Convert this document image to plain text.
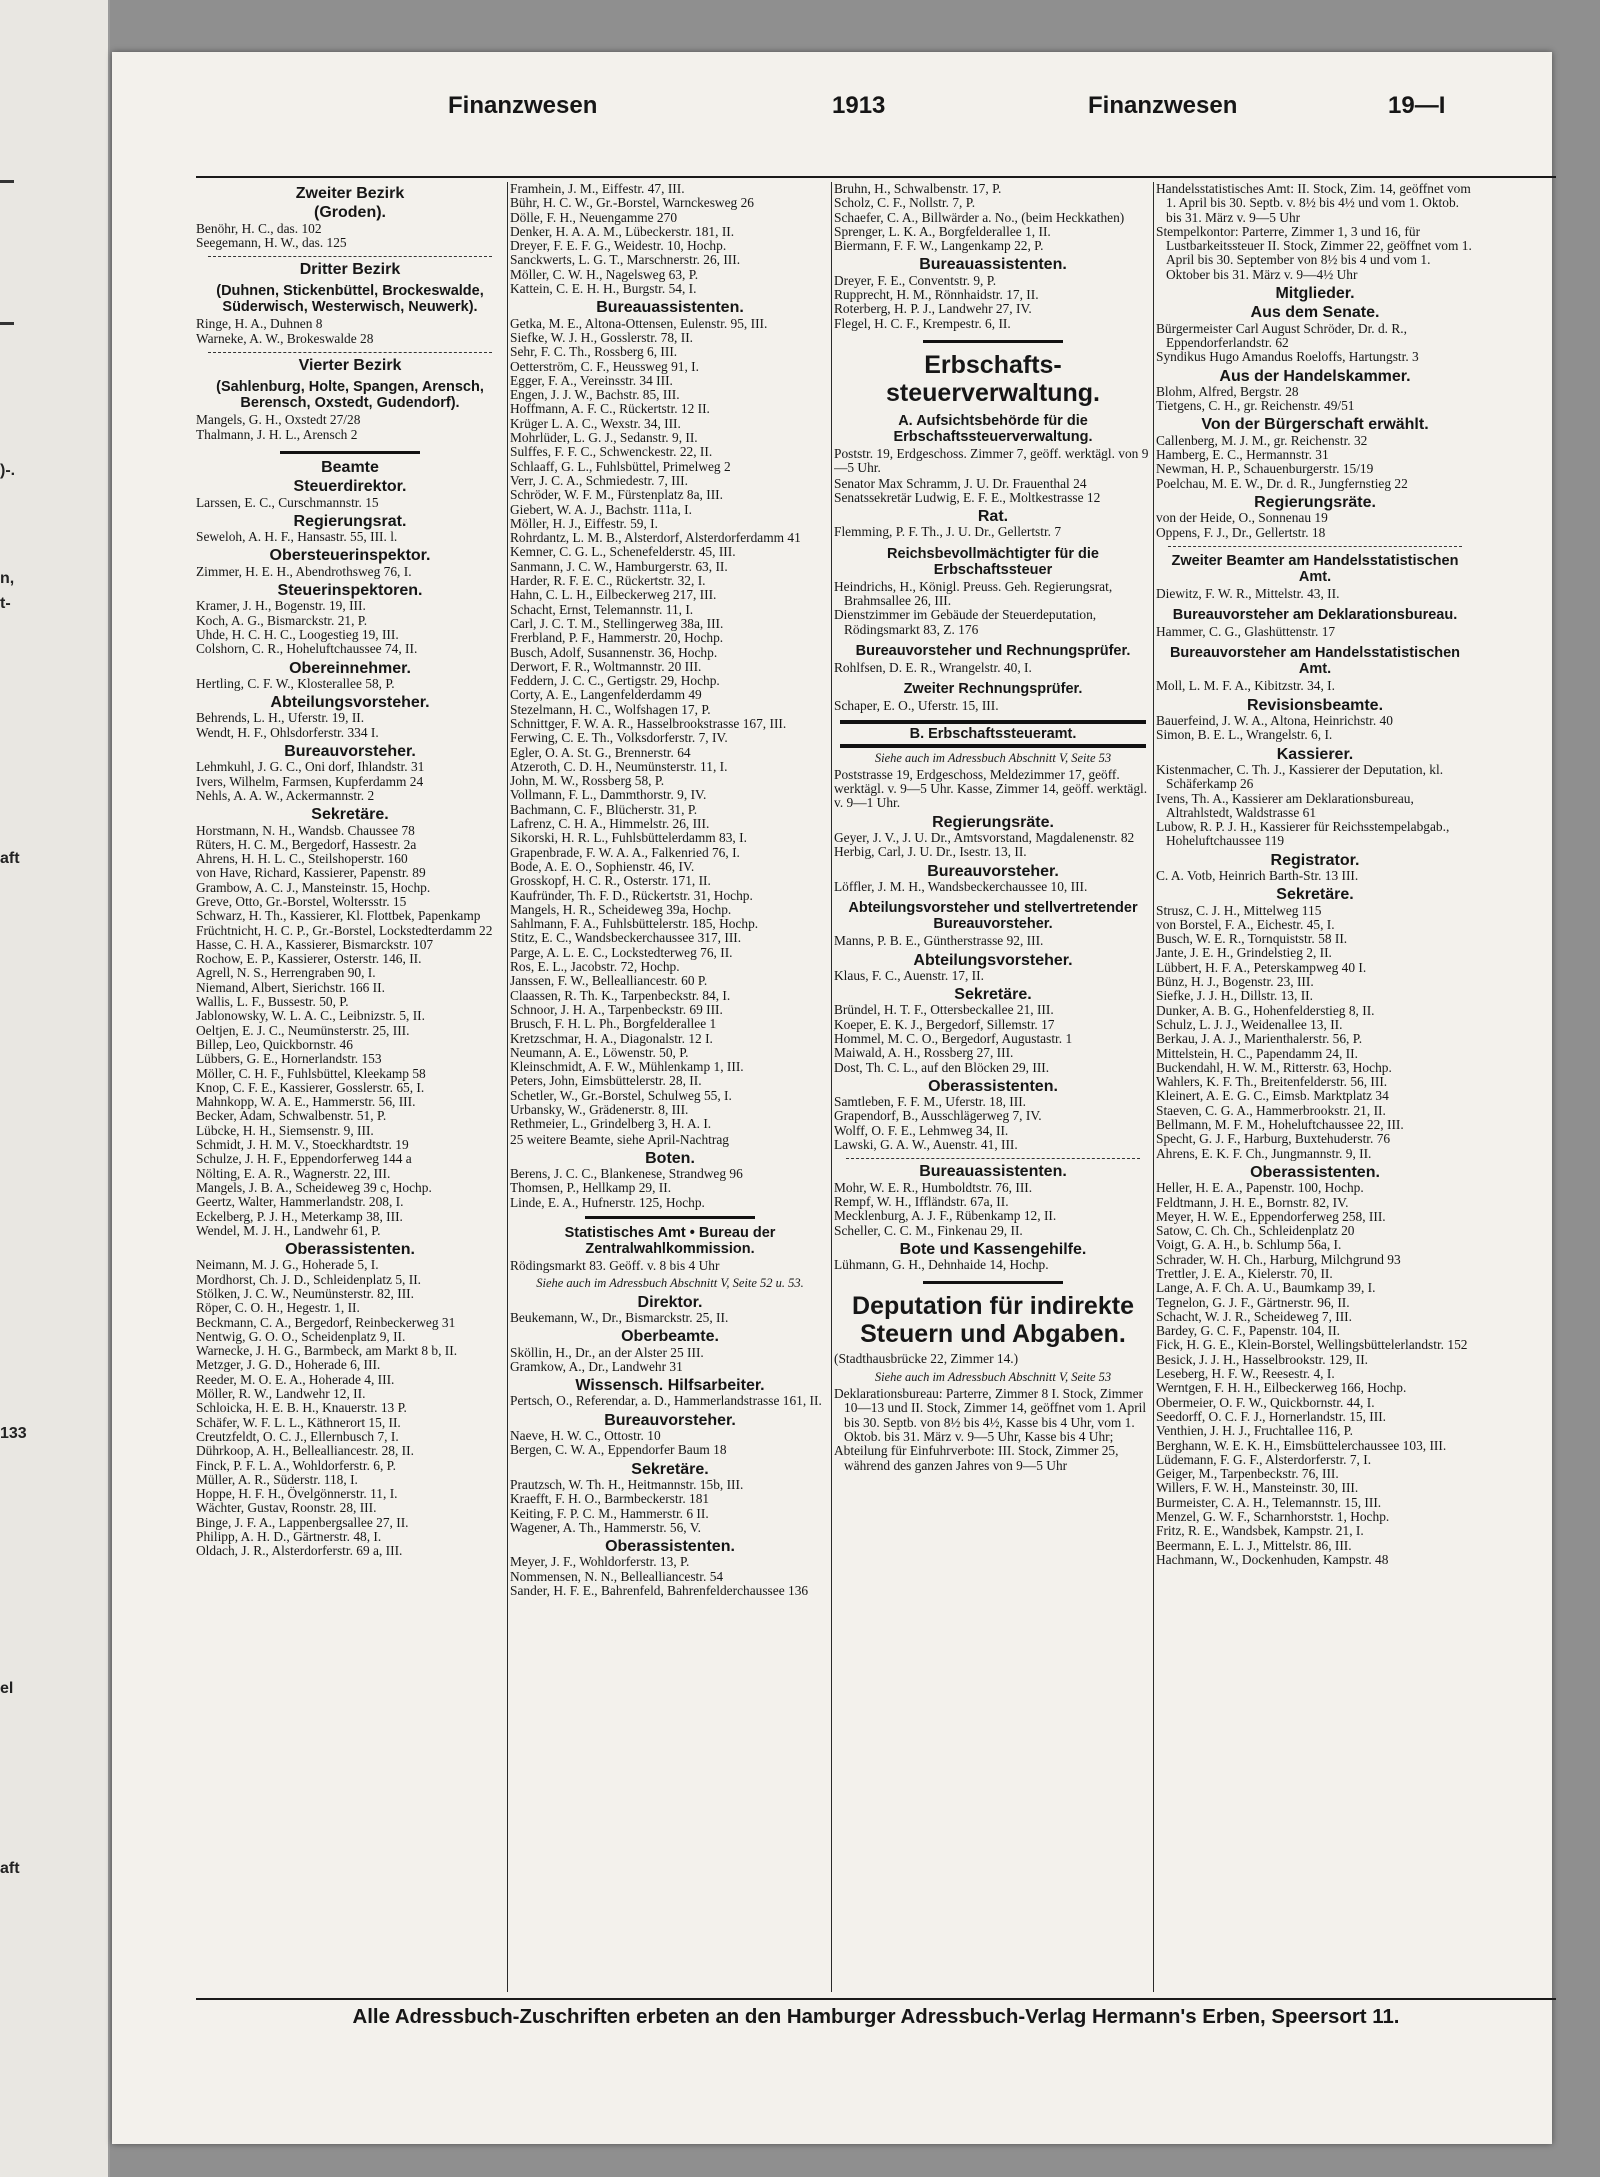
)-.
n,
t-
aft
133
el
aft
Finanzwesen	1913	Finanzwesen	19—I
Zweiter Bezirk
(Groden).
Benöhr, H. C., das. 102
Seegemann, H. W., das. 125
Dritter Bezirk
(Duhnen, Stickenbüttel, Brockeswalde, Süderwisch, Westerwisch, Neuwerk).
Ringe, H. A., Duhnen 8
Warneke, A. W., Brokeswalde 28
Vierter Bezirk
(Sahlenburg, Holte, Spangen, Arensch, Berensch, Oxstedt, Gudendorf).
Mangels, G. H., Oxstedt 27/28
Thalmann, J. H. L., Arensch 2
Beamte
Steuerdirektor.
Larssen, E. C., Curschmannstr. 15
Regierungsrat.
Seweloh, A. H. F., Hansastr. 55, III. l.
Obersteuerinspektor.
Zimmer, H. E. H., Abendrothsweg 76, I.
Steuerinspektoren.
Kramer, J. H., Bogenstr. 19, III.
Koch, A. G., Bismarckstr. 21, P.
Uhde, H. C. H. C., Loogestieg 19, III.
Colshorn, C. R., Hoheluftchaussee 74, II.
Obereinnehmer.
Hertling, C. F. W., Klosterallee 58, P.
Abteilungsvorsteher.
Behrends, L. H., Uferstr. 19, II.
Wendt, H. F., Ohlsdorferstr. 334 I.
Bureauvorsteher.
Lehmkuhl, J. G. C., Oni dorf, Ihlandstr. 31
Ivers, Wilhelm, Farmsen, Kupferdamm 24
Nehls, A. A. W., Ackermannstr. 2
Sekretäre.
Horstmann, N. H., Wandsb. Chaussee 78
Rüters, H. C. M., Bergedorf, Hassestr. 2a
Ahrens, H. H. L. C., Steilshoperstr. 160
von Have, Richard, Kassierer, Papenstr. 89
Grambow, A. C. J., Mansteinstr. 15, Hochp.
Greve, Otto, Gr.-Borstel, Woltersstr. 15
Schwarz, H. Th., Kassierer, Kl. Flottbek, Papenkamp
Früchtnicht, H. C. P., Gr.-Borstel, Lockstedterdamm 22
Hasse, C. H. A., Kassierer, Bismarckstr. 107
Rochow, E. P., Kassierer, Osterstr. 146, II.
Agrell, N. S., Herrengraben 90, I.
Niemand, Albert, Sierichstr. 166 II.
Wallis, L. F., Bussestr. 50, P.
Jablonowsky, W. L. A. C., Leibnizstr. 5, II.
Oeltjen, E. J. C., Neumünsterstr. 25, III.
Billep, Leo, Quickbornstr. 46
Lübbers, G. E., Hornerlandstr. 153
Möller, C. H. F., Fuhlsbüttel, Kleekamp 58
Knop, C. F. E., Kassierer, Gosslerstr. 65, I.
Mahnkopp, W. A. E., Hammerstr. 56, III.
Becker, Adam, Schwalbenstr. 51, P.
Lübcke, H. H., Siemsenstr. 9, III.
Schmidt, J. H. M. V., Stoeckhardtstr. 19
Schulze, J. H. F., Eppendorferweg 144 a
Nölting, E. A. R., Wagnerstr. 22, III.
Mangels, J. B. A., Scheideweg 39 c, Hochp.
Geertz, Walter, Hammerlandstr. 208, I.
Eckelberg, P. J. H., Meterkamp 38, III.
Wendel, M. J. H., Landwehr 61, P.
Oberassistenten.
Neimann, M. J. G., Hoherade 5, I.
Mordhorst, Ch. J. D., Schleidenplatz 5, II.
Stölken, J. C. W., Neumünsterstr. 82, III.
Röper, C. O. H., Hegestr. 1, II.
Beckmann, C. A., Bergedorf, Reinbeckerweg 31
Nentwig, G. O. O., Scheidenplatz 9, II.
Warnecke, J. H. G., Barmbeck, am Markt 8 b, II.
Metzger, J. G. D., Hoherade 6, III.
Reeder, M. O. E. A., Hoherade 4, III.
Möller, R. W., Landwehr 12, II.
Schloicka, H. E. B. H., Knauerstr. 13 P.
Schäfer, W. F. L. L., Käthnerort 15, II.
Creutzfeldt, O. C. J., Ellernbusch 7, I.
Dührkoop, A. H., Bellealliancestr. 28, II.
Finck, P. F. L. A., Wohldorferstr. 6, P.
Müller, A. R., Süderstr. 118, I.
Hoppe, H. F. H., Övelgönnerstr. 11, I.
Wächter, Gustav, Roonstr. 28, III.
Binge, J. F. A., Lappenbergsallee 27, II.
Philipp, A. H. D., Gärtnerstr. 48, I.
Oldach, J. R., Alsterdorferstr. 69 a, III.
Framhein, J. M., Eiffestr. 47, III.
Bühr, H. C. W., Gr.-Borstel, Warnckesweg 26
Dölle, F. H., Neuengamme 270
Denker, H. A. A. M., Lübeckerstr. 181, II.
Dreyer, F. E. F. G., Weidestr. 10, Hochp.
Sanckwerts, L. G. T., Marschnerstr. 26, III.
Möller, C. W. H., Nagelsweg 63, P.
Kattein, C. E. H. H., Burgstr. 54, I.
Bureauassistenten.
Getka, M. E., Altona-Ottensen, Eulenstr. 95, III.
Siefke, W. J. H., Gosslerstr. 78, II.
Sehr, F. C. Th., Rossberg 6, III.
Oetterström, C. F., Heussweg 91, I.
Egger, F. A., Vereinsstr. 34 III.
Engen, J. J. W., Bachstr. 85, III.
Hoffmann, A. F. C., Rückertstr. 12 II.
Krüger L. A. C., Wexstr. 34, III.
Mohrlüder, L. G. J., Sedanstr. 9, II.
Sulffes, F. F. C., Schwenckestr. 22, II.
Schlaaff, G. L., Fuhlsbüttel, Primelweg 2
Verr, J. C. A., Schmiedestr. 7, III.
Schröder, W. F. M., Fürstenplatz 8a, III.
Giebert, W. A. J., Bachstr. 111a, I.
Möller, H. J., Eiffestr. 59, I.
Rohrdantz, L. M. B., Alsterdorf, Alsterdorferdamm 41
Kemner, C. G. L., Schenefelderstr. 45, III.
Sanmann, J. C. W., Hamburgerstr. 63, II.
Harder, R. F. E. C., Rückertstr. 32, I.
Hahn, C. L. H., Eilbeckerweg 217, III.
Schacht, Ernst, Telemannstr. 11, I.
Carl, J. C. T. M., Stellingerweg 38a, III.
Frerbland, P. F., Hammerstr. 20, Hochp.
Busch, Adolf, Susannenstr. 36, Hochp.
Derwort, F. R., Woltmannstr. 20 III.
Feddern, J. C. C., Gertigstr. 29, Hochp.
Corty, A. E., Langenfelderdamm 49
Stezelmann, H. C., Wolfshagen 17, P.
Schnittger, F. W. A. R., Hasselbrookstrasse 167, III.
Ferwing, C. E. Th., Volksdorferstr. 7, IV.
Egler, O. A. St. G., Brennerstr. 64
Atzeroth, C. D. H., Neumünsterstr. 11, I.
John, M. W., Rossberg 58, P.
Vollmann, F. L., Dammthorstr. 9, IV.
Bachmann, C. F., Blücherstr. 31, P.
Lafrenz, C. H. A., Himmelstr. 26, III.
Sikorski, H. R. L., Fuhlsbüttelerdamm 83, I.
Grapenbrade, F. W. A. A., Falkenried 76, I.
Bode, A. E. O., Sophienstr. 46, IV.
Grosskopf, H. C. R., Osterstr. 171, II.
Kaufründer, Th. F. D., Rückertstr. 31, Hochp.
Mangels, H. R., Scheideweg 39a, Hochp.
Sahlmann, F. A., Fuhlsbüttelerstr. 185, Hochp.
Stitz, E. C., Wandsbeckerchaussee 317, III.
Parge, A. L. E. C., Lockstedterweg 76, II.
Ros, E. L., Jacobstr. 72, Hochp.
Janssen, F. W., Bellealliancestr. 60 P.
Claassen, R. Th. K., Tarpenbeckstr. 84, I.
Schnoor, J. H. A., Tarpenbeckstr. 69 III.
Brusch, F. H. L. Ph., Borgfelderallee 1
Kretzschmar, H. A., Diagonalstr. 12 I.
Neumann, A. E., Löwenstr. 50, P.
Kleinschmidt, A. F. W., Mühlenkamp 1, III.
Peters, John, Eimsbüttelerstr. 28, II.
Schetler, W., Gr.-Borstel, Schulweg 55, I.
Urbansky, W., Grädenerstr. 8, III.
Rethmeier, L., Grindelberg 3, H. A. I.
25 weitere Beamte, siehe April-Nachtrag
Boten.
Berens, J. C. C., Blankenese, Strandweg 96
Thomsen, P., Hellkamp 29, II.
Linde, E. A., Hufnerstr. 125, Hochp.
Statistisches Amt • Bureau der Zentralwahlkommission.
Rödingsmarkt 83. Geöff. v. 8 bis 4 Uhr
Siehe auch im Adressbuch Abschnitt V, Seite 52 u. 53.
Direktor.
Beukemann, W., Dr., Bismarckstr. 25, II.
Oberbeamte.
Sköllin, H., Dr., an der Alster 25 III.
Gramkow, A., Dr., Landwehr 31
Wissensch. Hilfsarbeiter.
Pertsch, O., Referendar, a. D., Hammerlandstrasse 161, II.
Bureauvorsteher.
Naeve, H. W. C., Ottostr. 10
Bergen, C. W. A., Eppendorfer Baum 18
Sekretäre.
Prautzsch, W. Th. H., Heitmannstr. 15b, III.
Kraefft, F. H. O., Barmbeckerstr. 181
Keiting, F. P. C. M., Hammerstr. 6 II.
Wagener, A. Th., Hammerstr. 56, V.
Oberassistenten.
Meyer, J. F., Wohldorferstr. 13, P.
Nommensen, N. N., Bellealliancestr. 54
Sander, H. F. E., Bahrenfeld, Bahrenfelderchaussee 136
Bruhn, H., Schwalbenstr. 17, P.
Scholz, C. F., Nollstr. 7, P.
Schaefer, C. A., Billwärder a. No., (beim Heckkathen)
Sprenger, L. K. A., Borgfelderallee 1, II.
Biermann, F. F. W., Langenkamp 22, P.
Bureauassistenten.
Dreyer, F. E., Conventstr. 9, P.
Rupprecht, H. M., Rönnhaidstr. 17, II.
Roterberg, H. P. J., Landwehr 27, IV.
Flegel, H. C. F., Krempestr. 6, II.
Erbschafts-steuerverwaltung.
A. Aufsichtsbehörde für die Erbschaftssteuerverwaltung.
Poststr. 19, Erdgeschoss. Zimmer 7, geöff. werktägl. von 9—5 Uhr.
Senator Max Schramm, J. U. Dr. Frauenthal 24
Senatssekretär Ludwig, E. F. E., Moltkestrasse 12
Rat.
Flemming, P. F. Th., J. U. Dr., Gellertstr. 7
Reichsbevollmächtigter für die Erbschaftssteuer
Heindrichs, H., Königl. Preuss. Geh. Regierungsrat, Brahmsallee 26, III.
Dienstzimmer im Gebäude der Steuerdeputation, Rödingsmarkt 83, Z. 176
Bureauvorsteher und Rechnungsprüfer.
Rohlfsen, D. E. R., Wrangelstr. 40, I.
Zweiter Rechnungsprüfer.
Schaper, E. O., Uferstr. 15, III.
B. Erbschaftssteueramt.
Siehe auch im Adressbuch Abschnitt V, Seite 53
Poststrasse 19, Erdgeschoss, Meldezimmer 17, geöff. werktägl. v. 9—5 Uhr. Kasse, Zimmer 14, geöff. werktägl. v. 9—1 Uhr.
Regierungsräte.
Geyer, J. V., J. U. Dr., Amtsvorstand, Magdalenenstr. 82
Herbig, Carl, J. U. Dr., Isestr. 13, II.
Bureauvorsteher.
Löffler, J. M. H., Wandsbeckerchaussee 10, III.
Abteilungsvorsteher und stellvertretender Bureauvorsteher.
Manns, P. B. E., Güntherstrasse 92, III.
Abteilungsvorsteher.
Klaus, F. C., Auenstr. 17, II.
Sekretäre.
Bründel, H. T. F., Ottersbeckallee 21, III.
Koeper, E. K. J., Bergedorf, Sillemstr. 17
Hommel, M. C. O., Bergedorf, Augustastr. 1
Maiwald, A. H., Rossberg 27, III.
Dost, Th. C. L., auf den Blöcken 29, III.
Oberassistenten.
Samtleben, F. F. M., Uferstr. 18, III.
Grapendorf, B., Ausschlägerweg 7, IV.
Wolff, O. F. E., Lehmweg 34, II.
Lawski, G. A. W., Auenstr. 41, III.
Bureauassistenten.
Mohr, W. E. R., Humboldtstr. 76, III.
Rempf, W. H., Iffländstr. 67a, II.
Mecklenburg, A. J. F., Rübenkamp 12, II.
Scheller, C. C. M., Finkenau 29, II.
Bote und Kassengehilfe.
Lühmann, G. H., Dehnhaide 14, Hochp.
Deputation für indirekte Steuern und Abgaben.
(Stadthausbrücke 22, Zimmer 14.)
Siehe auch im Adressbuch Abschnitt V, Seite 53
Deklarationsbureau: Parterre, Zimmer 8 I. Stock, Zimmer 10—13 und II. Stock, Zimmer 14, geöffnet vom 1. April bis 30. Septb. von 8½ bis 4½, Kasse bis 4 Uhr, vom 1. Oktob. bis 31. März v. 9—5 Uhr, Kasse bis 4 Uhr;
Abteilung für Einfuhrverbote: III. Stock, Zimmer 25, während des ganzen Jahres von 9—5 Uhr
Handelsstatistisches Amt: II. Stock, Zim. 14, geöffnet vom 1. April bis 30. Septb. v. 8½ bis 4½ und vom 1. Oktob. bis 31. März v. 9—5 Uhr
Stempelkontor: Parterre, Zimmer 1, 3 und 16, für Lustbarkeitssteuer II. Stock, Zimmer 22, geöffnet vom 1. April bis 30. September von 8½ bis 4 und vom 1. Oktober bis 31. März v. 9—4½ Uhr
Mitglieder.
Aus dem Senate.
Bürgermeister Carl August Schröder, Dr. d. R., Eppendorferlandstr. 62
Syndikus Hugo Amandus Roeloffs, Hartungstr. 3
Aus der Handelskammer.
Blohm, Alfred, Bergstr. 28
Tietgens, C. H., gr. Reichenstr. 49/51
Von der Bürgerschaft erwählt.
Callenberg, M. J. M., gr. Reichenstr. 32
Hamberg, E. C., Hermannstr. 31
Newman, H. P., Schauenburgerstr. 15/19
Poelchau, M. E. W., Dr. d. R., Jungfernstieg 22
Regierungsräte.
von der Heide, O., Sonnenau 19
Oppens, F. J., Dr., Gellertstr. 18
Zweiter Beamter am Handelsstatistischen Amt.
Diewitz, F. W. R., Mittelstr. 43, II.
Bureauvorsteher am Deklarationsbureau.
Hammer, C. G., Glashüttenstr. 17
Bureauvorsteher am Handelsstatistischen Amt.
Moll, L. M. F. A., Kibitzstr. 34, I.
Revisionsbeamte.
Bauerfeind, J. W. A., Altona, Heinrichstr. 40
Simon, B. E. L., Wrangelstr. 6, I.
Kassierer.
Kistenmacher, C. Th. J., Kassierer der Deputation, kl. Schäferkamp 26
Ivens, Th. A., Kassierer am Deklarationsbureau, Altrahlstedt, Waldstrasse 61
Lubow, R. P. J. H., Kassierer für Reichsstempelabgab., Hoheluftchaussee 119
Registrator.
C. A. Votb, Heinrich Barth-Str. 13 III.
Sekretäre.
Strusz, C. J. H., Mittelweg 115
von Borstel, F. A., Eichestr. 45, I.
Busch, W. E. R., Tornquiststr. 58 II.
Jante, J. E. H., Grindelstieg 2, II.
Lübbert, H. F. A., Peterskampweg 40 I.
Bünz, H. J., Bogenstr. 23, III.
Siefke, J. J. H., Dillstr. 13, II.
Dunker, A. B. G., Hohenfelderstieg 8, II.
Schulz, L. J. J., Weidenallee 13, II.
Berkau, J. A. J., Marienthalerstr. 56, P.
Mittelstein, H. C., Papendamm 24, II.
Buckendahl, H. W. M., Ritterstr. 63, Hochp.
Wahlers, K. F. Th., Breitenfelderstr. 56, III.
Kleinert, A. E. G. C., Eimsb. Marktplatz 34
Staeven, C. G. A., Hammerbrookstr. 21, II.
Bellmann, M. F. M., Hoheluftchaussee 22, III.
Specht, G. J. F., Harburg, Buxtehuderstr. 76
Ahrens, E. K. F. Ch., Jungmannstr. 9, II.
Oberassistenten.
Heller, H. E. A., Papenstr. 100, Hochp.
Feldtmann, J. H. E., Bornstr. 82, IV.
Meyer, H. W. E., Eppendorferweg 258, III.
Satow, C. Ch. Ch., Schleidenplatz 20
Voigt, G. A. H., b. Schlump 56a, I.
Schrader, W. H. Ch., Harburg, Milchgrund 93
Trettler, J. E. A., Kielerstr. 70, II.
Lange, A. F. Ch. A. U., Baumkamp 39, I.
Tegnelon, G. J. F., Gärtnerstr. 96, II.
Schacht, W. J. R., Scheideweg 7, III.
Bardey, G. C. F., Papenstr. 104, II.
Fick, H. G. E., Klein-Borstel, Wellingsbüttelerlandstr. 152
Besick, J. J. H., Hasselbrookstr. 129, II.
Leseberg, H. F. W., Reesestr. 4, I.
Werntgen, F. H. H., Eilbeckerweg 166, Hochp.
Obermeier, O. F. W., Quickbornstr. 44, I.
Seedorff, O. C. F. J., Hornerlandstr. 15, III.
Venthien, J. H. J., Fruchtallee 116, P.
Berghann, W. E. K. H., Eimsbüttelerchaussee 103, III.
Lüdemann, F. G. F., Alsterdorferstr. 7, I.
Geiger, M., Tarpenbeckstr. 76, III.
Willers, F. W. H., Mansteinstr. 30, III.
Burmeister, C. A. H., Telemannstr. 15, III.
Menzel, G. W. F., Scharnhorststr. 1, Hochp.
Fritz, R. E., Wandsbek, Kampstr. 21, I.
Beermann, E. L. J., Mittelstr. 86, III.
Hachmann, W., Dockenhuden, Kampstr. 48
Alle Adressbuch-Zuschriften erbeten an den Hamburger Adressbuch-Verlag Hermann's Erben, Speersort 11.
